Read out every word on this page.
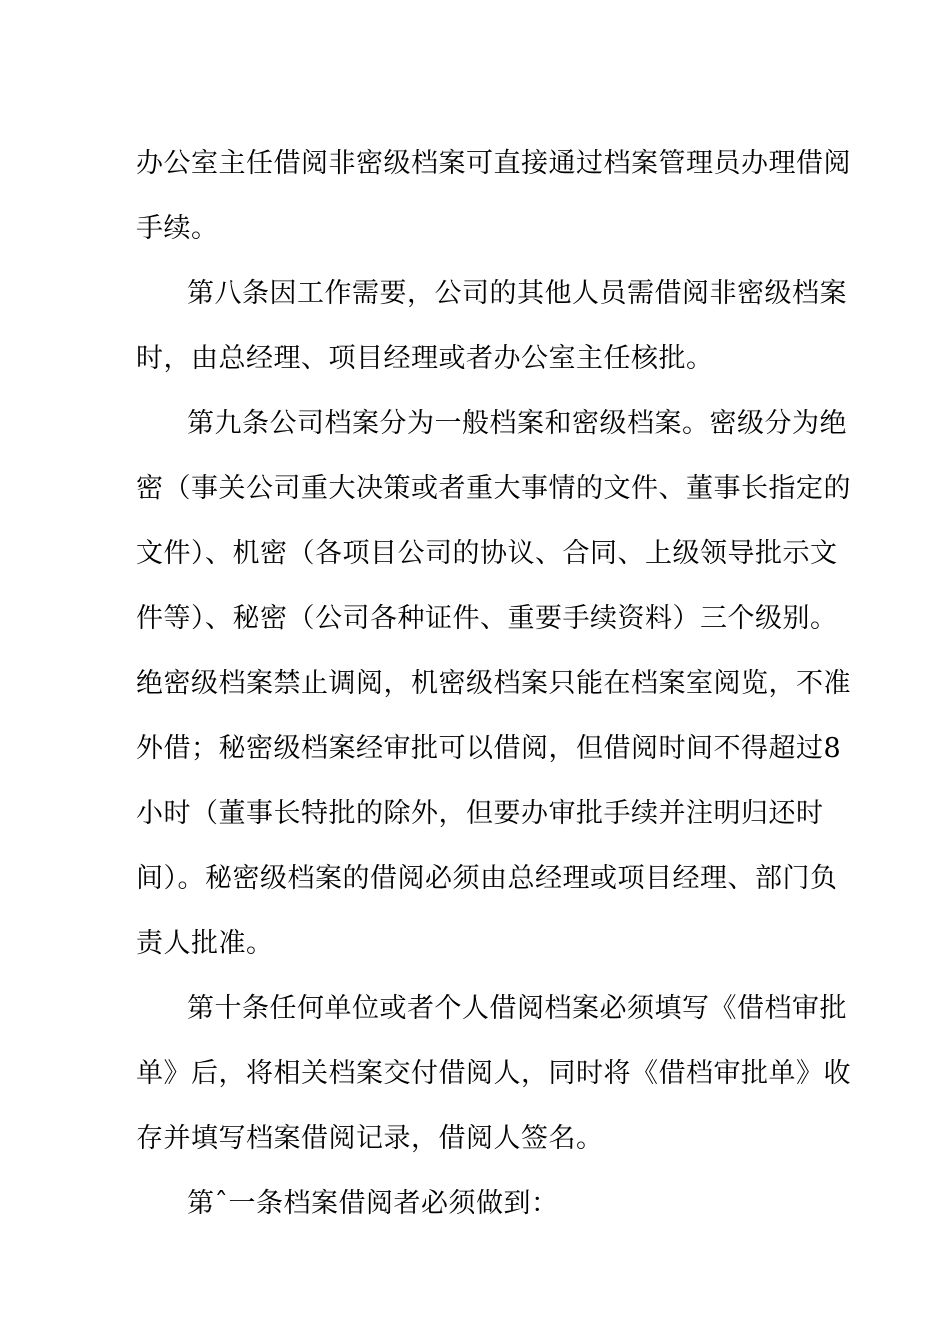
办公室主任借阅非密级档案可直接通过档案管理员办理借阅
手续。
第八条因工作需要，公司的其他人员需借阅非密级档案
时，由总经理、项目经理或者办公室主任核批。
第九条公司档案分为一般档案和密级档案。密级分为绝
密（事关公司重大决策或者重大事情的文件、董事长指定的
文件）、机密（各项目公司的协议、合同、上级领导批示文
件等）、秘密（公司各种证件、重要手续资料）三个级别。
绝密级档案禁止调阅，机密级档案只能在档案室阅览，不准
外借；秘密级档案经审批可以借阅，但借阅时间不得超过8
小时（董事长特批的除外，但要办审批手续并注明归还时
间）。秘密级档案的借阅必须由总经理或项目经理、部门负
责人批准。
第十条任何单位或者个人借阅档案必须填写《借档审批
单》后，将相关档案交付借阅人，同时将《借档审批单》收
存并填写档案借阅记录，借阅人签名。
第ˆ一条档案借阅者必须做到：
